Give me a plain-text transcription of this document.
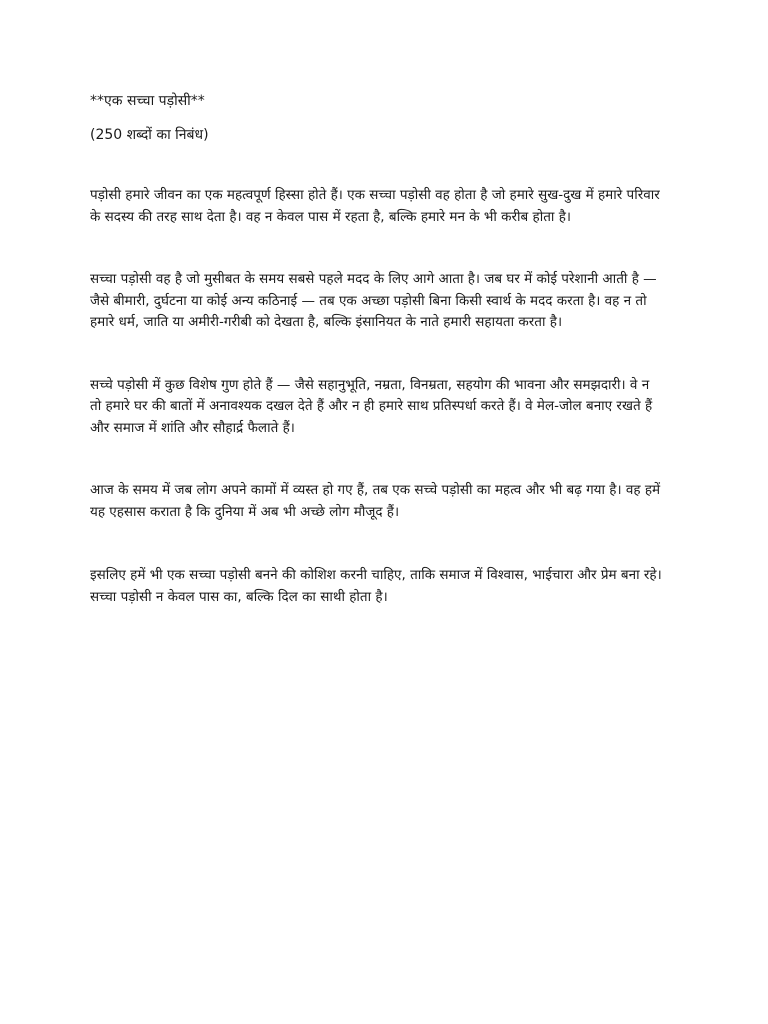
**एक सच्चा पड़ोसी**

(250 शब्दों का निबंध)

पड़ोसी हमारे जीवन का एक महत्वपूर्ण हिस्सा होते हैं। एक सच्चा पड़ोसी वह होता है जो हमारे सुख-दुख में हमारे परिवार के सदस्य की तरह साथ देता है। वह न केवल पास में रहता है, बल्कि हमारे मन के भी करीब होता है।

सच्चा पड़ोसी वह है जो मुसीबत के समय सबसे पहले मदद के लिए आगे आता है। जब घर में कोई परेशानी आती है — जैसे बीमारी, दुर्घटना या कोई अन्य कठिनाई — तब एक अच्छा पड़ोसी बिना किसी स्वार्थ के मदद करता है। वह न तो हमारे धर्म, जाति या अमीरी-गरीबी को देखता है, बल्कि इंसानियत के नाते हमारी सहायता करता है।

सच्चे पड़ोसी में कुछ विशेष गुण होते हैं — जैसे सहानुभूति, नम्रता, विनम्रता, सहयोग की भावना और समझदारी। वे न तो हमारे घर की बातों में अनावश्यक दखल देते हैं और न ही हमारे साथ प्रतिस्पर्धा करते हैं। वे मेल-जोल बनाए रखते हैं और समाज में शांति और सौहार्द्र फैलाते हैं।

आज के समय में जब लोग अपने कामों में व्यस्त हो गए हैं, तब एक सच्चे पड़ोसी का महत्व और भी बढ़ गया है। वह हमें यह एहसास कराता है कि दुनिया में अब भी अच्छे लोग मौजूद हैं।

इसलिए हमें भी एक सच्चा पड़ोसी बनने की कोशिश करनी चाहिए, ताकि समाज में विश्वास, भाईचारा और प्रेम बना रहे। सच्चा पड़ोसी न केवल पास का, बल्कि दिल का साथी होता है।
